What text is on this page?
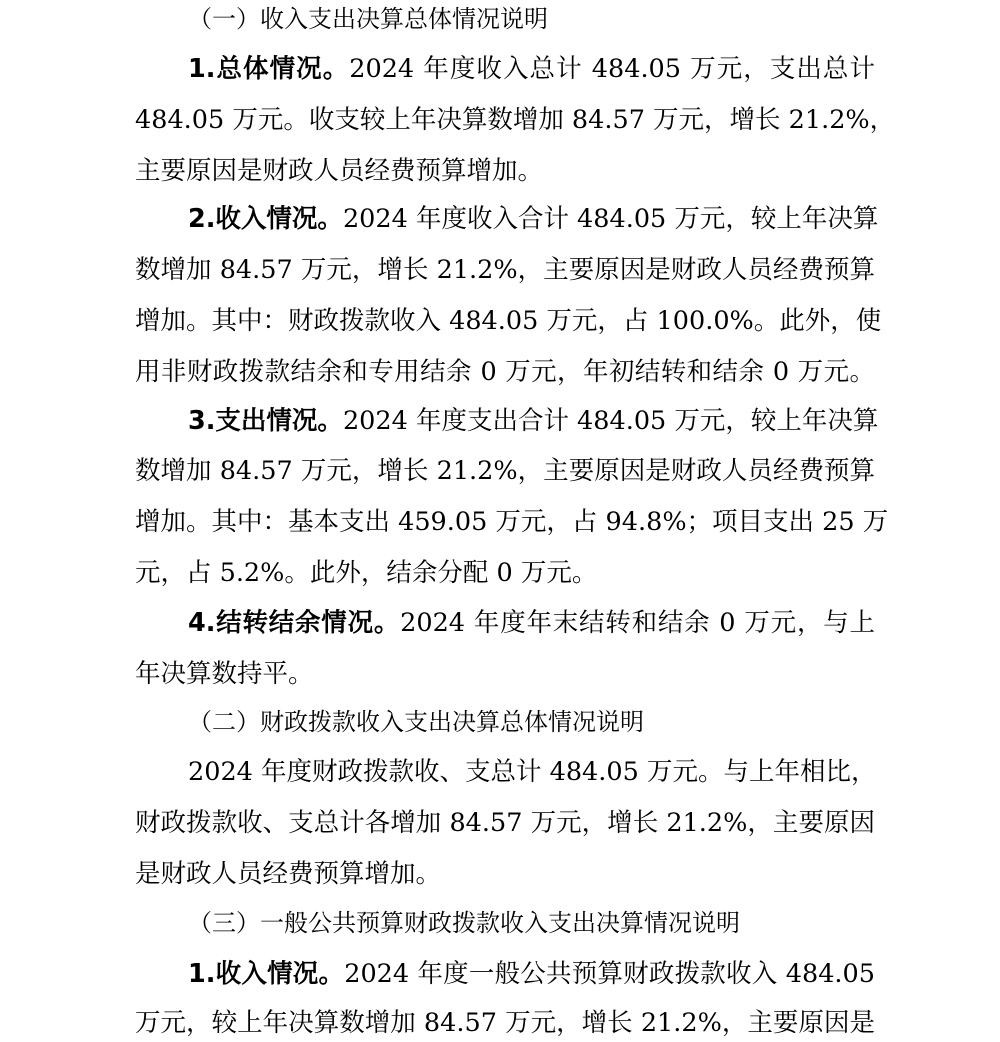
（一）收入支出决算总体情况说明
1.总体情况。2024 年度收入总计 484.05 万元，支出总计
484.05 万元。收支较上年决算数增加 84.57 万元，增长 21.2%，
主要原因是财政人员经费预算增加。
2.收入情况。2024 年度收入合计 484.05 万元，较上年决算
数增加 84.57 万元，增长 21.2%，主要原因是财政人员经费预算
增加。其中：财政拨款收入 484.05 万元，占 100.0%。此外，使
用非财政拨款结余和专用结余 0 万元，年初结转和结余 0 万元。
3.支出情况。2024 年度支出合计 484.05 万元，较上年决算
数增加 84.57 万元，增长 21.2%，主要原因是财政人员经费预算
增加。其中：基本支出 459.05 万元，占 94.8%；项目支出 25 万
元，占 5.2%。此外，结余分配 0 万元。
4.结转结余情况。2024 年度年末结转和结余 0 万元，与上
年决算数持平。
（二）财政拨款收入支出决算总体情况说明
2024 年度财政拨款收、支总计 484.05 万元。与上年相比，
财政拨款收、支总计各增加 84.57 万元，增长 21.2%，主要原因
是财政人员经费预算增加。
（三）一般公共预算财政拨款收入支出决算情况说明
1.收入情况。2024 年度一般公共预算财政拨款收入 484.05
万元，较上年决算数增加 84.57 万元，增长 21.2%，主要原因是
